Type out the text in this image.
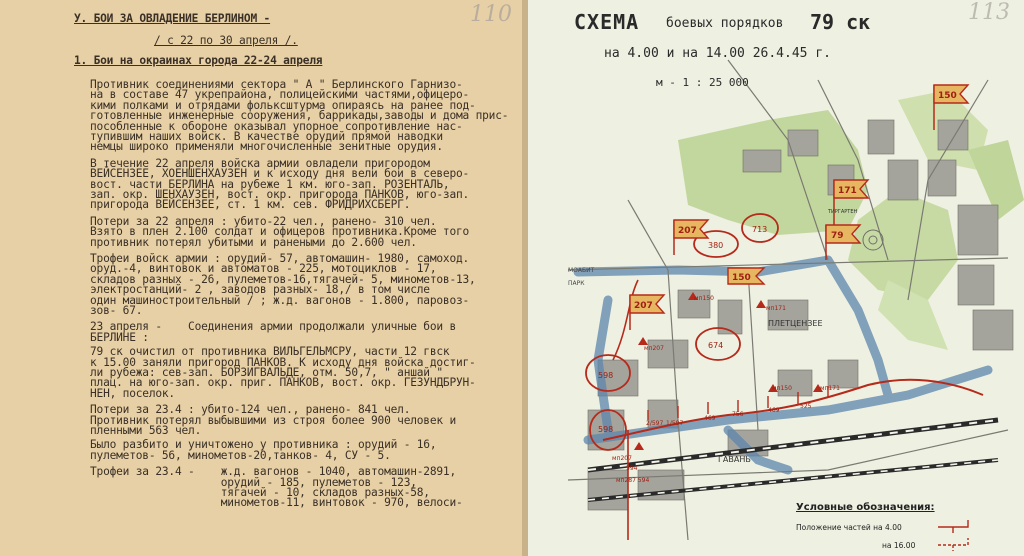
110
У. БОИ ЗА ОВЛАДЕНИЕ БЕРЛИНОМ -
/ с 22 по 30 апреля /.
1. Бои на окраинах города 22-24 апреля
Противник соединениями сектора " А " Берлинского Гарнизо-
на в составе 47 укрепрайона, полицейскими частями,офицеро-
кими полками и отрядами фольксштурма опираясь на ранее под-
готовленные инженерные сооружения, баррикады,заводы и дома прис-
пособленные к обороне оказывал упорное сопротивление нас-
тупившим наших войск. В качестве орудий прямой наводки
немцы широко применяли многочисленные зенитные орудия.
В течение 22 апреля войска армии овладели пригородом
ВЕЙСЕНЗЕЕ, ХОЕНШЕНХАУЗЕН и к исходу дня вели бои в северо-
вост. части БЕРЛИНА на рубеже 1 км. юго-зап. РОЗЕНТАЛЬ,
зап. окр. ШЕНХАУЗЕН, вост. окр. пригорода ПАНКОВ, юго-зап.
пригорода ВЕЙСЕНЗЕЕ, ст. 1 км. сев. ФРИДРИХСБЕРГ.
Потери за 22 апреля : убито-22 чел., ранено- 310 чел.
Взято в плен 2.100 солдат и офицеров противника.Кроме того
противник потерял убитыми и ранеными до 2.600 чел.
Трофеи войск армии : орудий- 57, автомашин- 1980, самоход.
оруд.-4, винтовок и автоматов - 225, мотоциклов - 17,
складов разных - 26, пулеметов-16,тягачей- 5, минометов-13,
электростанций- 2 , заводов разных- 18,/ в том числе
один машиностроительный / ; ж.д. вагонов - 1.800, паровоз-
зов- 67.
23 апреля -    Соединения армии продолжали уличные бои в
БЕРЛИНЕ :
79 ск очистил от противника ВИЛЬГЕЛЬМСРУ, части 12 гвск
к 15.00 заняли пригород ПАНКОВ. К исходу дня войска достиг-
ли рубежа: сев-зап. БОРЗИГВАЛЬДЕ, отм. 50,7, " аншай "
плац. на юго-зап. окр. приг. ПАНКОВ, вост. окр. ГЕЗУНДБРУН-
НЕН, поселок.
Потери за 23.4 : убито-124 чел., ранено- 841 чел.
Противник потерял выбывшими из строя более 900 человек и
пленными 563 чел.
Было разбито и уничтожено у противника : орудий - 16,
пулеметов- 56, минометов-20,танков- 4, СУ - 5.
Трофеи за 23.4 -    ж.д. вагонов - 1040, автомашин-2891,
орудий - 185, пулеметов - 123,
тягачей - 10, складов разных-58,
минометов-11, винтовок - 970, велоси-
МОАБИТ
ГАВАНЬ
ПЛЕТЦЕНЗЕЕ
ТИРГАРТЕН
ПАРК
150
171
79
207
207
150
380
713
674
598
598
мп150
мп171
мп207
1/597
469
756
469
525
мп150	мп171
594
мп287 594
мп207
2/597
Условные обозначения:
Положение частей на 4.00
на 16.00
113
СХЕМА боевых порядков 79 ск
на 4.00 и на 14.00 26.4.45 г.
м - 1 : 25 000
